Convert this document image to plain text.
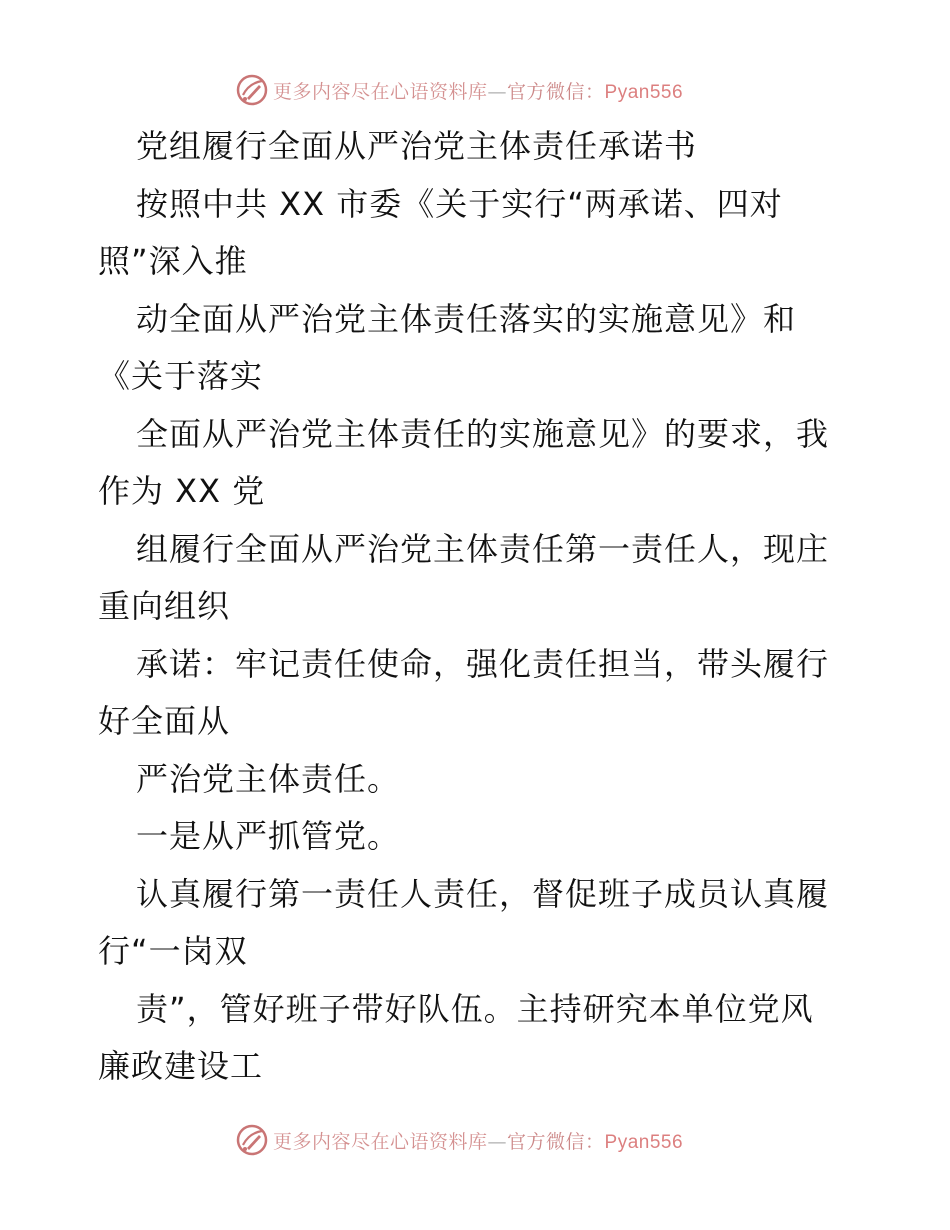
更多内容尽在心语资料库—官方微信：Pyan556
党组履行全面从严治党主体责任承诺书
按照中共 XX 市委《关于实行“两承诺、四对
照”深入推
动全面从严治党主体责任落实的实施意见》和
《关于落实
全面从严治党主体责任的实施意见》的要求，我
作为 XX 党
组履行全面从严治党主体责任第一责任人，现庄
重向组织
承诺：牢记责任使命，强化责任担当，带头履行
好全面从
严治党主体责任。
一是从严抓管党。
认真履行第一责任人责任，督促班子成员认真履
行“一岗双
责”，管好班子带好队伍。主持研究本单位党风
廉政建设工
更多内容尽在心语资料库—官方微信：Pyan556
